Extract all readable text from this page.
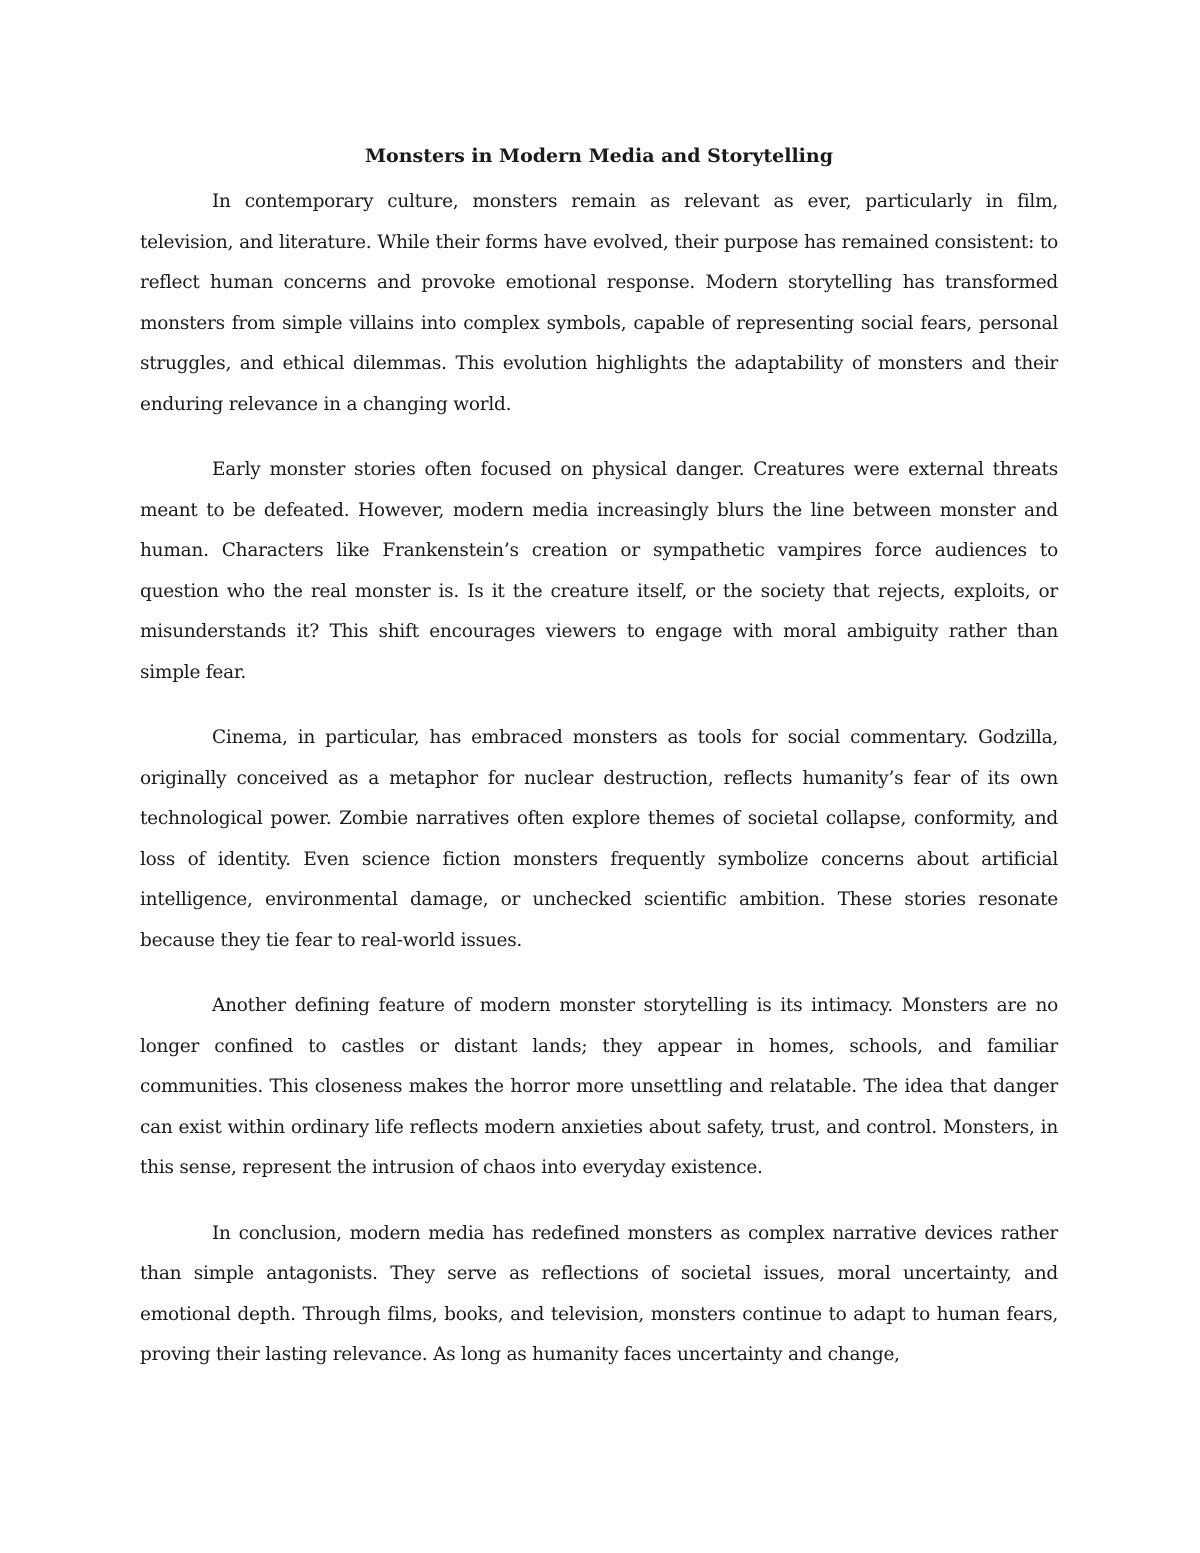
Monsters in Modern Media and Storytelling

In contemporary culture, monsters remain as relevant as ever, particularly in film, television, and literature. While their forms have evolved, their purpose has remained consistent: to reflect human concerns and provoke emotional response. Modern storytelling has transformed monsters from simple villains into complex symbols, capable of representing social fears, personal struggles, and ethical dilemmas. This evolution highlights the adaptability of monsters and their enduring relevance in a changing world.

Early monster stories often focused on physical danger. Creatures were external threats meant to be defeated. However, modern media increasingly blurs the line between monster and human. Characters like Frankenstein’s creation or sympathetic vampires force audiences to question who the real monster is. Is it the creature itself, or the society that rejects, exploits, or misunderstands it? This shift encourages viewers to engage with moral ambiguity rather than simple fear.

Cinema, in particular, has embraced monsters as tools for social commentary. Godzilla, originally conceived as a metaphor for nuclear destruction, reflects humanity’s fear of its own technological power. Zombie narratives often explore themes of societal collapse, conformity, and loss of identity. Even science fiction monsters frequently symbolize concerns about artificial intelligence, environmental damage, or unchecked scientific ambition. These stories resonate because they tie fear to real-world issues.

Another defining feature of modern monster storytelling is its intimacy. Monsters are no longer confined to castles or distant lands; they appear in homes, schools, and familiar communities. This closeness makes the horror more unsettling and relatable. The idea that danger can exist within ordinary life reflects modern anxieties about safety, trust, and control. Monsters, in this sense, represent the intrusion of chaos into everyday existence.

In conclusion, modern media has redefined monsters as complex narrative devices rather than simple antagonists. They serve as reflections of societal issues, moral uncertainty, and emotional depth. Through films, books, and television, monsters continue to adapt to human fears, proving their lasting relevance. As long as humanity faces uncertainty and change,
